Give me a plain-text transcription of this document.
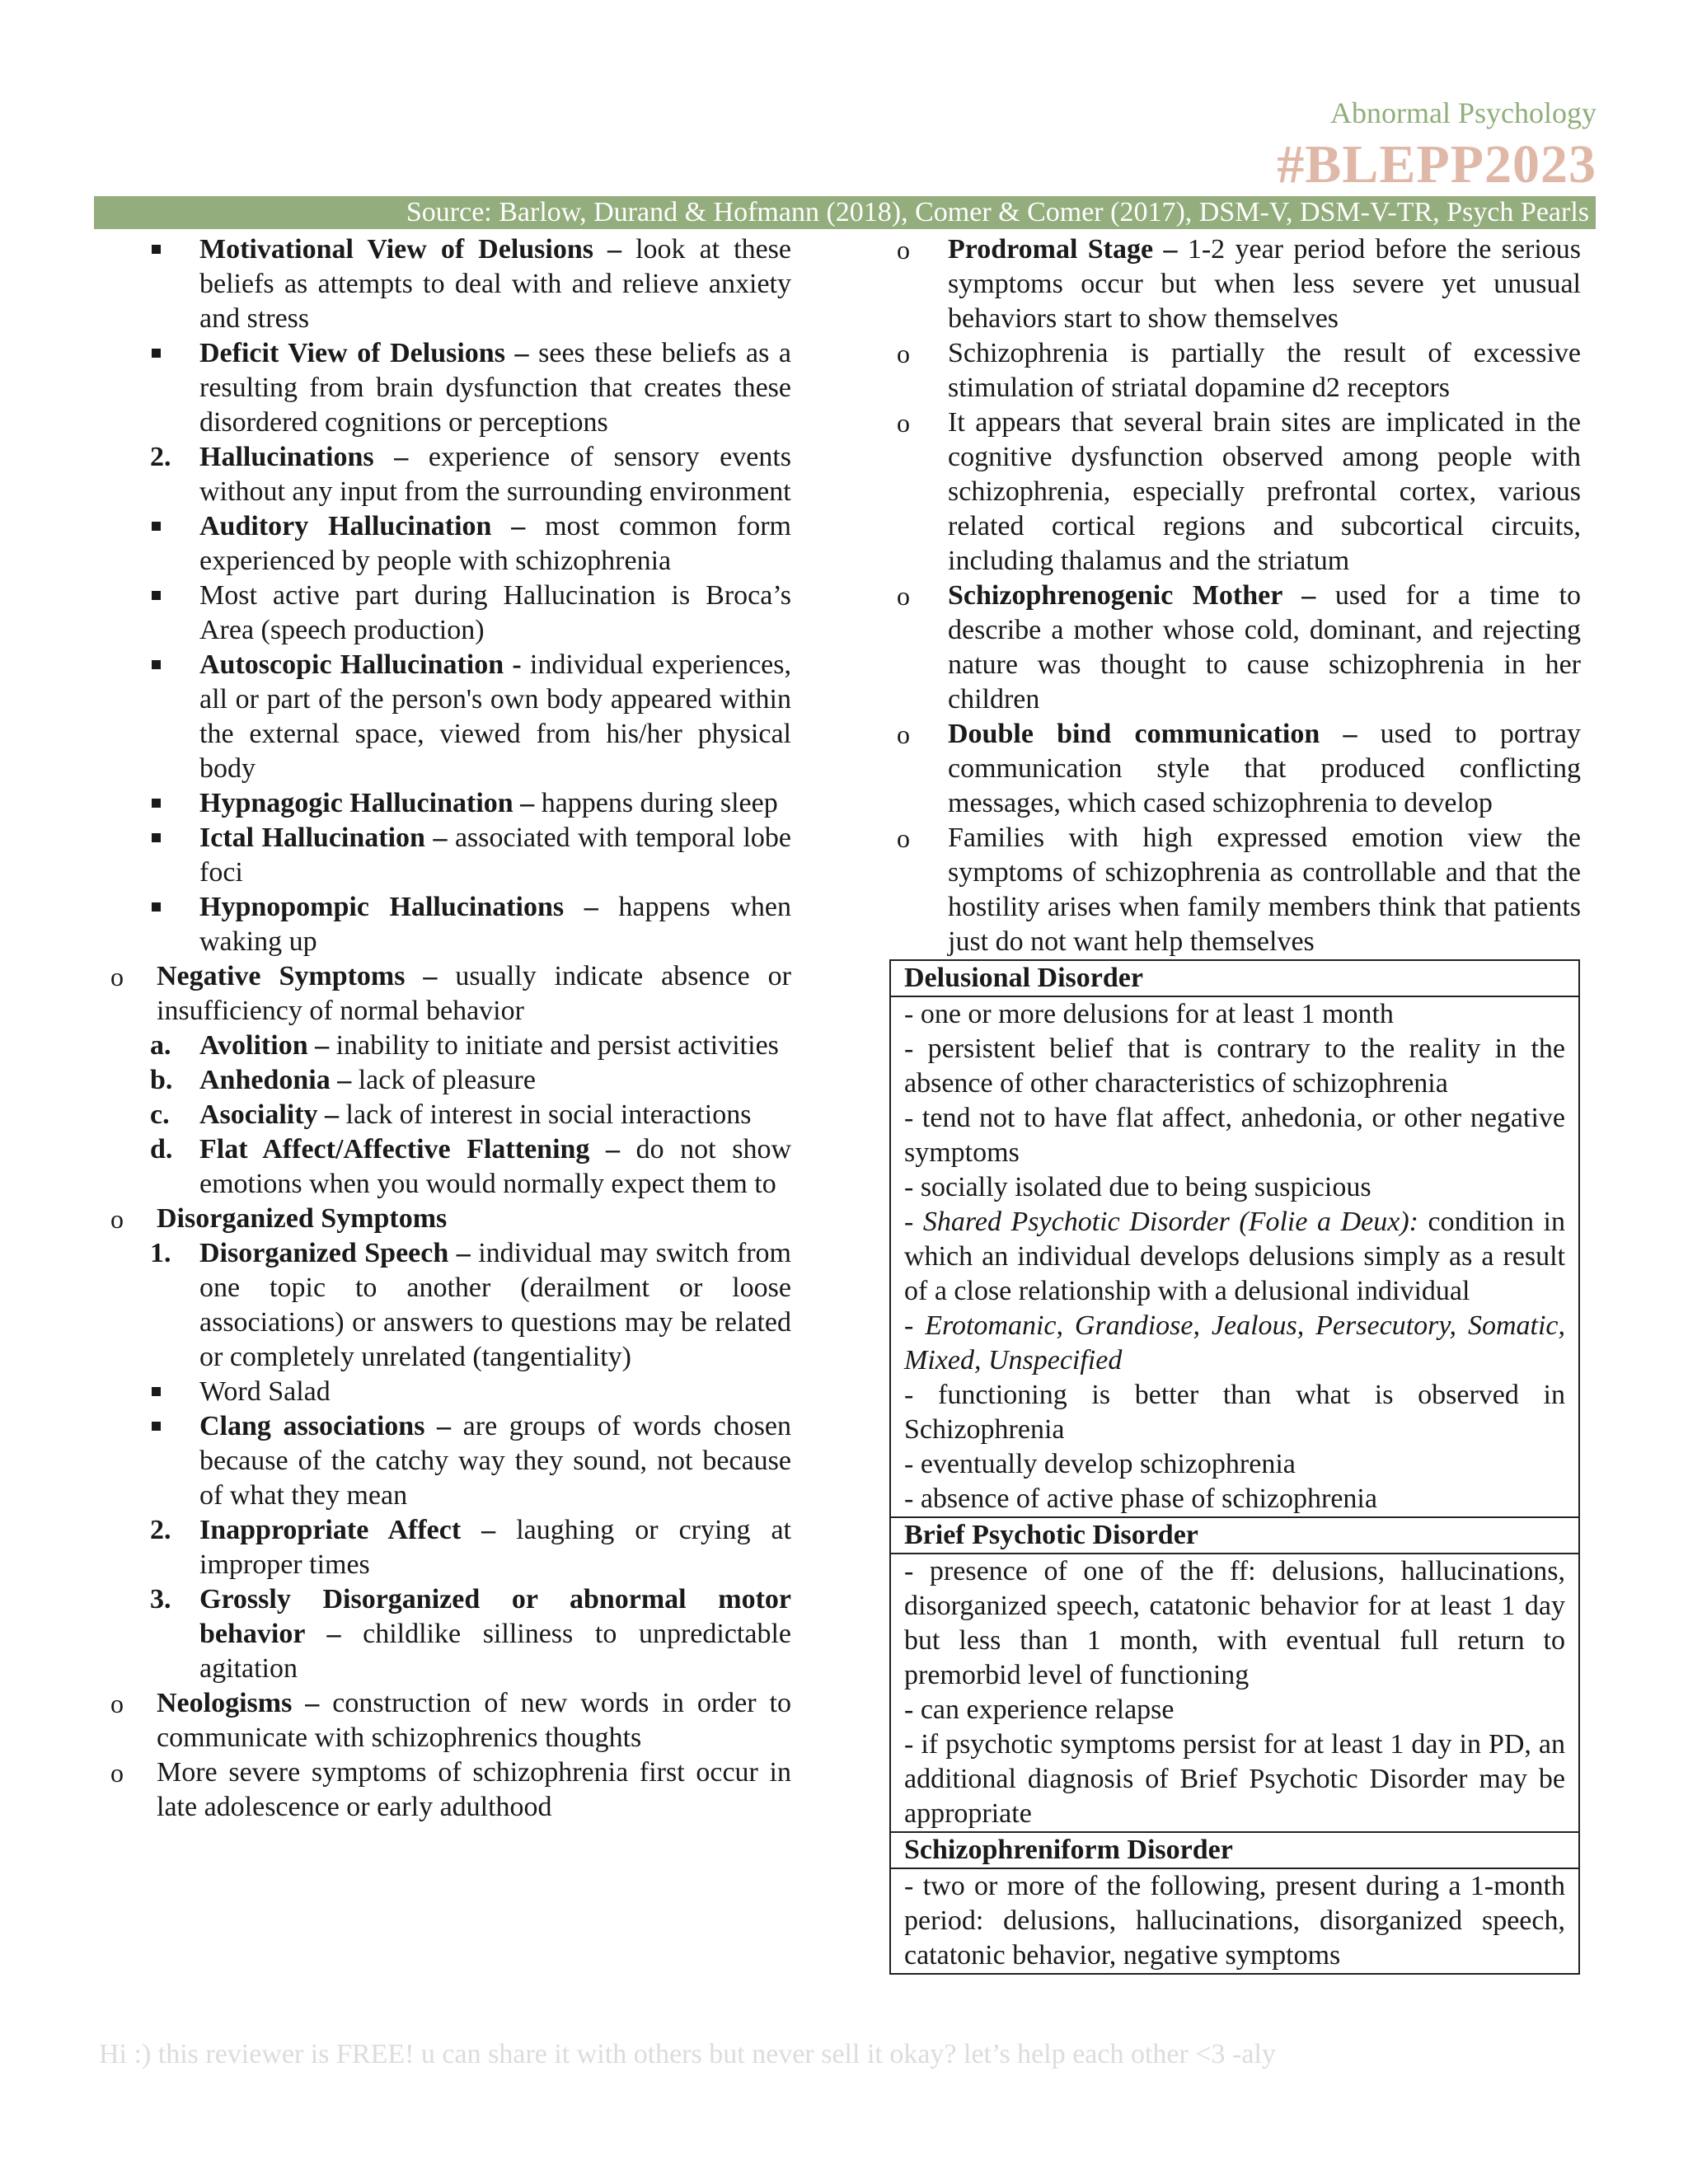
Abnormal Psychology
#BLEPP2023
Source: Barlow, Durand & Hofmann (2018), Comer & Comer (2017), DSM-V, DSM-V-TR, Psych Pearls
Motivational View of Delusions – look at these beliefs as attempts to deal with and relieve anxiety and stress
Deficit View of Delusions – sees these beliefs as a resulting from brain dysfunction that creates these disordered cognitions or perceptions
2. Hallucinations – experience of sensory events without any input from the surrounding environment
Auditory Hallucination – most common form experienced by people with schizophrenia
Most active part during Hallucination is Broca’s Area (speech production)
Autoscopic Hallucination - individual experiences, all or part of the person's own body appeared within the external space, viewed from his/her physical body
Hypnagogic Hallucination – happens during sleep
Ictal Hallucination – associated with temporal lobe foci
Hypnopompic Hallucinations – happens when waking up
o Negative Symptoms – usually indicate absence or insufficiency of normal behavior
a. Avolition – inability to initiate and persist activities
b. Anhedonia – lack of pleasure
c. Asociality – lack of interest in social interactions
d. Flat Affect/Affective Flattening – do not show emotions when you would normally expect them to
o Disorganized Symptoms
1. Disorganized Speech – individual may switch from one topic to another (derailment or loose associations) or answers to questions may be related or completely unrelated (tangentiality)
Word Salad
Clang associations – are groups of words chosen because of the catchy way they sound, not because of what they mean
2. Inappropriate Affect – laughing or crying at improper times
3. Grossly Disorganized or abnormal motor behavior – childlike silliness to unpredictable agitation
o Neologisms – construction of new words in order to communicate with schizophrenics thoughts
o More severe symptoms of schizophrenia first occur in late adolescence or early adulthood
o Prodromal Stage – 1-2 year period before the serious symptoms occur but when less severe yet unusual behaviors start to show themselves
o Schizophrenia is partially the result of excessive stimulation of striatal dopamine d2 receptors
o It appears that several brain sites are implicated in the cognitive dysfunction observed among people with schizophrenia, especially prefrontal cortex, various related cortical regions and subcortical circuits, including thalamus and the striatum
o Schizophrenogenic Mother – used for a time to describe a mother whose cold, dominant, and rejecting nature was thought to cause schizophrenia in her children
o Double bind communication – used to portray communication style that produced conflicting messages, which cased schizophrenia to develop
o Families with high expressed emotion view the symptoms of schizophrenia as controllable and that the hostility arises when family members think that patients just do not want help themselves
Delusional Disorder

- one or more delusions for at least 1 month
- persistent belief that is contrary to the reality in the absence of other characteristics of schizophrenia
- tend not to have flat affect, anhedonia, or other negative symptoms
- socially isolated due to being suspicious
- Shared Psychotic Disorder (Folie a Deux): condition in which an individual develops delusions simply as a result of a close relationship with a delusional individual
- Erotomanic, Grandiose, Jealous, Persecutory, Somatic, Mixed, Unspecified
- functioning is better than what is observed in Schizophrenia
- eventually develop schizophrenia
- absence of active phase of schizophrenia

Brief Psychotic Disorder

- presence of one of the ff: delusions, hallucinations, disorganized speech, catatonic behavior for at least 1 day but less than 1 month, with eventual full return to premorbid level of functioning
- can experience relapse
- if psychotic symptoms persist for at least 1 day in PD, an additional diagnosis of Brief Psychotic Disorder may be appropriate

Schizophreniform Disorder

- two or more of the following, present during a 1-month period: delusions, hallucinations, disorganized speech, catatonic behavior, negative symptoms
Hi :) this reviewer is FREE! u can share it with others but never sell it okay? let’s help each other <3 -aly
